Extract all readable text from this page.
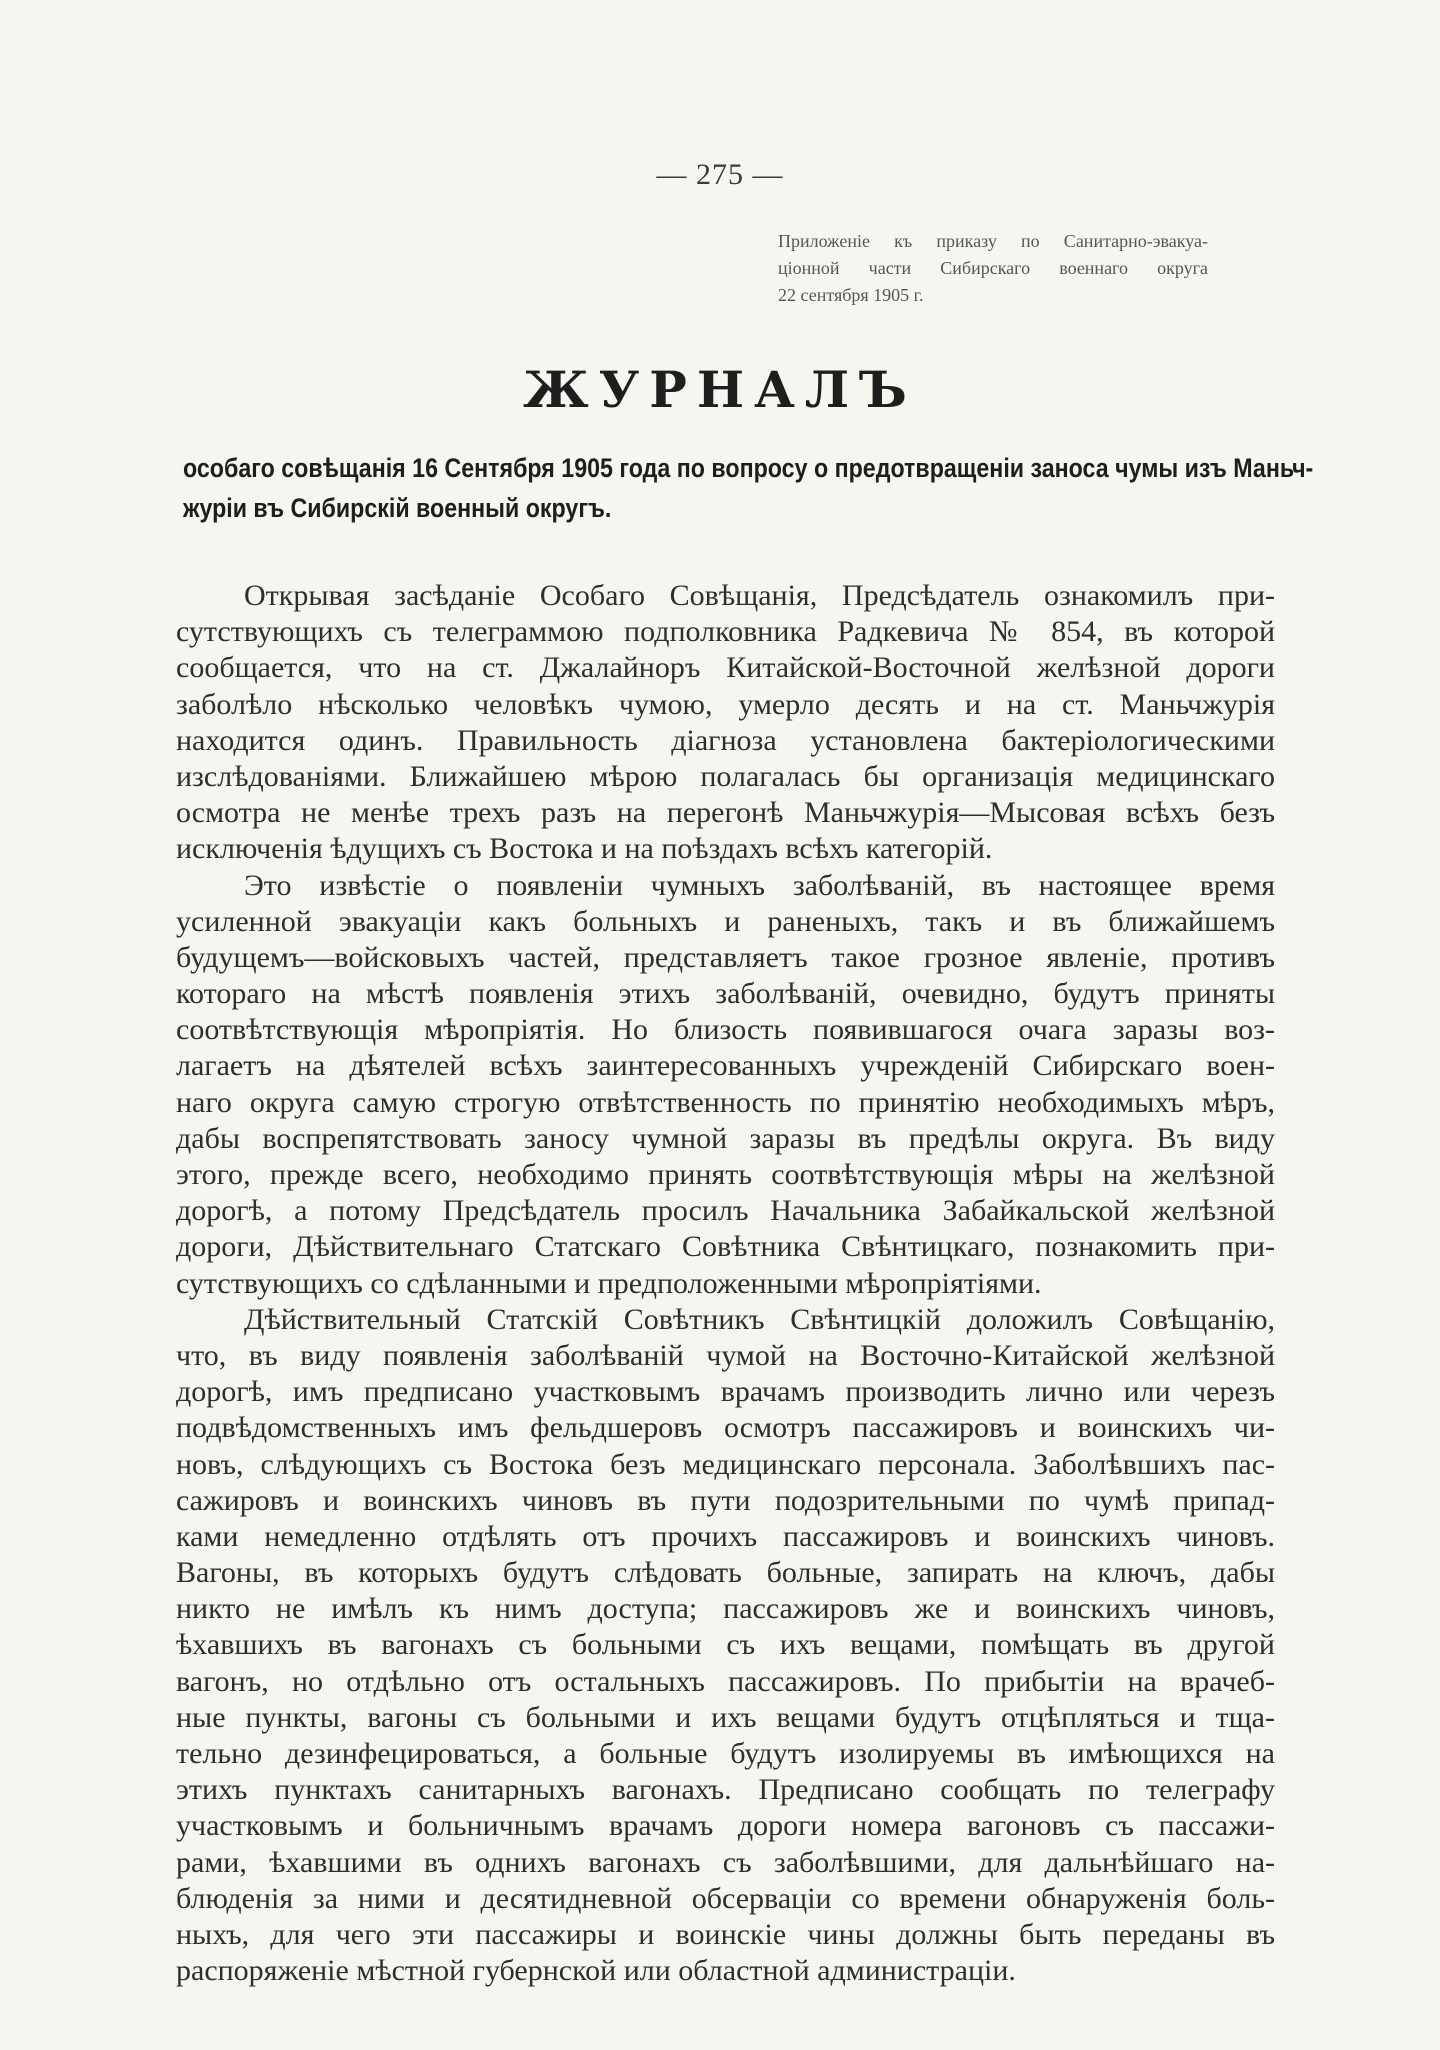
— 275 —
Приложеніе къ приказу по Санитарно-эвакуа-
ціонной части Сибирскаго военнаго округа
22 сентября 1905 г.
ЖУРНАЛЪ
особаго совѣщанія 16 Сентября 1905 года по вопросу о предотвращеніи заноса чумы изъ Маньч-
журіи въ Сибирскій военный округъ.
Открывая засѣданіе Особаго Совѣщанія, Предсѣдатель ознакомилъ при-
сутствующихъ съ телеграммою подполковника Радкевича № 854, въ которой
сообщается, что на ст. Джалайноръ Китайской-Восточной желѣзной дороги
заболѣло нѣсколько человѣкъ чумою, умерло десять и на ст. Маньчжурія
находится одинъ. Правильность діагноза установлена бактеріологическими
изслѣдованіями. Ближайшею мѣрою полагалась бы организація медицинскаго
осмотра не менѣе трехъ разъ на перегонѣ Маньчжурія—Мысовая всѣхъ безъ
исключенія ѣдущихъ съ Востока и на поѣздахъ всѣхъ категорій.
Это извѣстіе о появленіи чумныхъ заболѣваній, въ настоящее время
усиленной эвакуаціи какъ больныхъ и раненыхъ, такъ и въ ближайшемъ
будущемъ—войсковыхъ частей, представляетъ такое грозное явленіе, противъ
котораго на мѣстѣ появленія этихъ заболѣваній, очевидно, будутъ приняты
соотвѣтствующія мѣропріятія. Но близость появившагося очага заразы воз-
лагаетъ на дѣятелей всѣхъ заинтересованныхъ учрежденій Сибирскаго воен-
наго округа самую строгую отвѣтственность по принятію необходимыхъ мѣръ,
дабы воспрепятствовать заносу чумной заразы въ предѣлы округа. Въ виду
этого, прежде всего, необходимо принять соотвѣтствующія мѣры на желѣзной
дорогѣ, а потому Предсѣдатель просилъ Начальника Забайкальской желѣзной
дороги, Дѣйствительнаго Статскаго Совѣтника Свѣнтицкаго, познакомить при-
сутствующихъ со сдѣланными и предположенными мѣропріятіями.
Дѣйствительный Статскій Совѣтникъ Свѣнтицкій доложилъ Совѣщанію,
что, въ виду появленія заболѣваній чумой на Восточно-Китайской желѣзной
дорогѣ, имъ предписано участковымъ врачамъ производить лично или черезъ
подвѣдомственныхъ имъ фельдшеровъ осмотръ пассажировъ и воинскихъ чи-
новъ, слѣдующихъ съ Востока безъ медицинскаго персонала. Заболѣвшихъ пас-
сажировъ и воинскихъ чиновъ въ пути подозрительными по чумѣ припад-
ками немедленно отдѣлять отъ прочихъ пассажировъ и воинскихъ чиновъ.
Вагоны, въ которыхъ будутъ слѣдовать больные, запирать на ключъ, дабы
никто не имѣлъ къ нимъ доступа; пассажировъ же и воинскихъ чиновъ,
ѣхавшихъ въ вагонахъ съ больными съ ихъ вещами, помѣщать въ другой
вагонъ, но отдѣльно отъ остальныхъ пассажировъ. По прибытіи на врачеб-
ные пункты, вагоны съ больными и ихъ вещами будутъ отцѣпляться и тща-
тельно дезинфецироваться, а больные будутъ изолируемы въ имѣющихся на
этихъ пунктахъ санитарныхъ вагонахъ. Предписано сообщать по телеграфу
участковымъ и больничнымъ врачамъ дороги номера вагоновъ съ пассажи-
рами, ѣхавшими въ однихъ вагонахъ съ заболѣвшими, для дальнѣйшаго на-
блюденія за ними и десятидневной обсерваціи со времени обнаруженія боль-
ныхъ, для чего эти пассажиры и воинскіе чины должны быть переданы въ
распоряженіе мѣстной губернской или областной администраціи.
